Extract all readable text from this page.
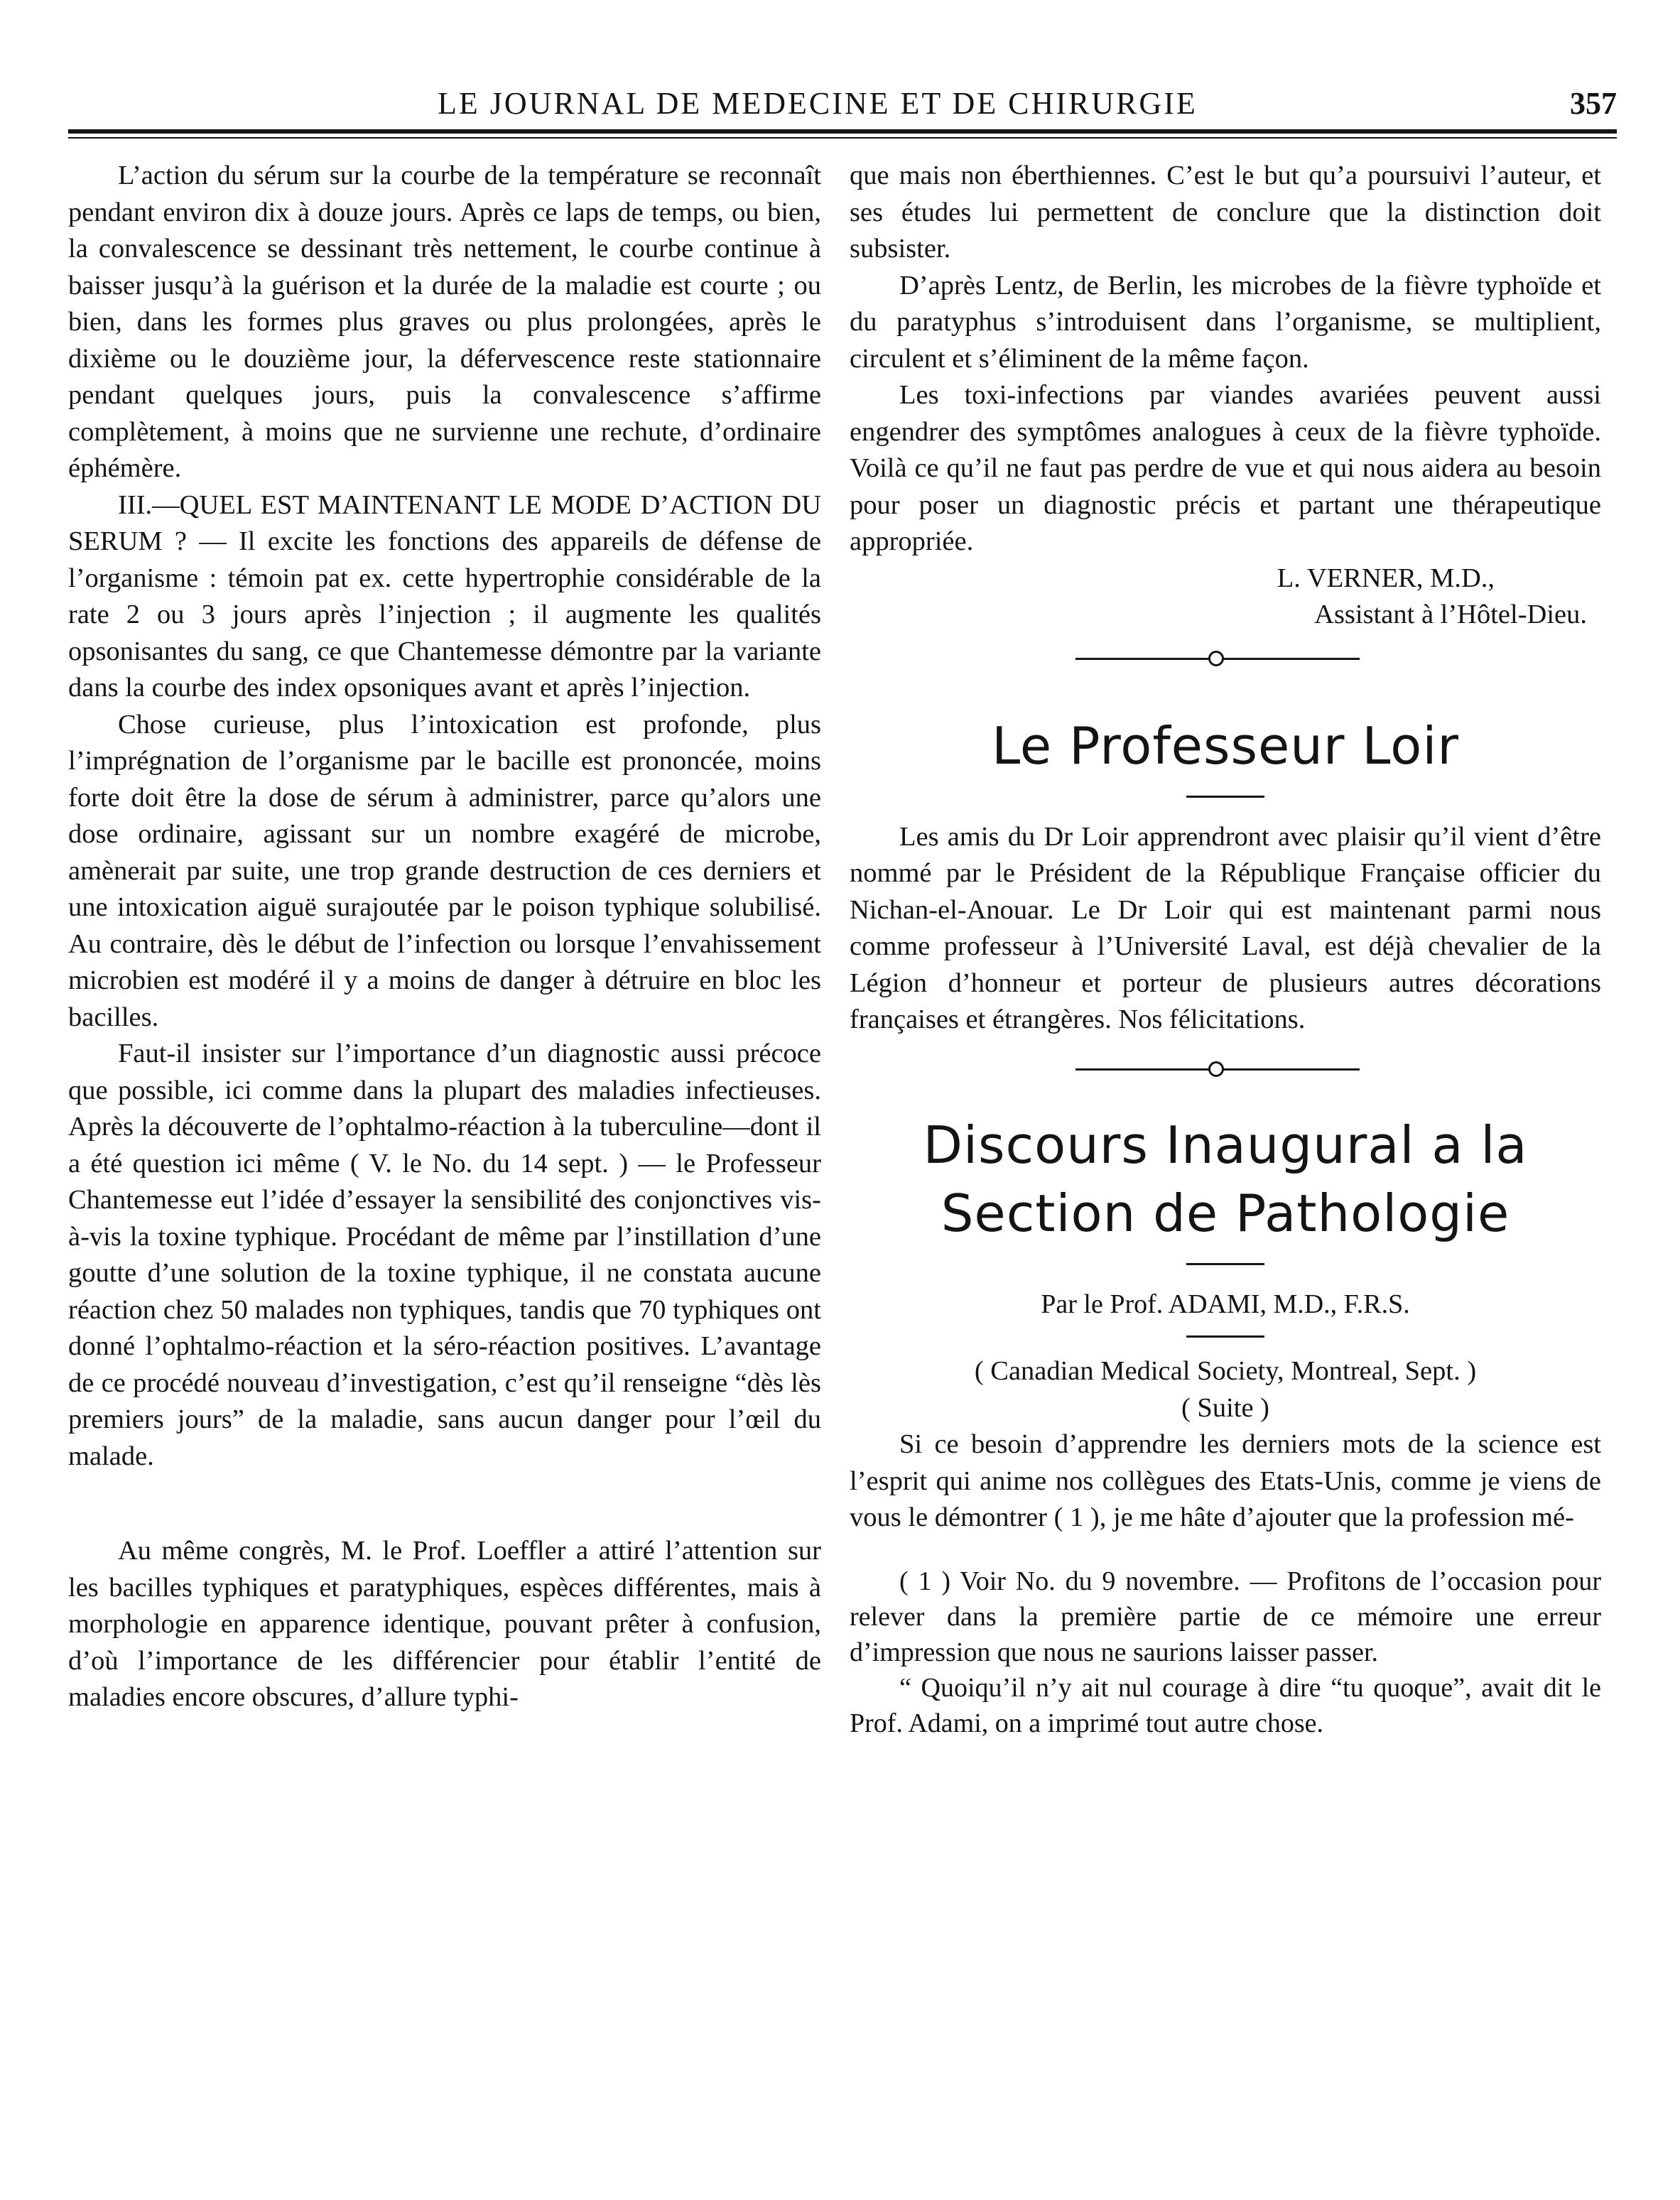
LE JOURNAL DE MEDECINE ET DE CHIRURGIE	357

L’action du sérum sur la courbe de la température se reconnaît pendant environ dix à douze jours. Après ce laps de temps, ou bien, la convalescence se dessinant très nettement, le courbe continue à baisser jusqu’à la guérison et la durée de la maladie est courte ; ou bien, dans les formes plus graves ou plus prolongées, après le dixième ou le douzième jour, la défervescence reste stationnaire pendant quelques jours, puis la convalescence s’affirme complètement, à moins que ne survienne une rechute, d’ordinaire éphémère.

III.—QUEL EST MAINTENANT LE MODE D’ACTION DU SERUM ? — Il excite les fonctions des appareils de défense de l’organisme : témoin pat ex. cette hypertrophie considérable de la rate 2 ou 3 jours après l’injection ; il augmente les qualités opsonisantes du sang, ce que Chantemesse démontre par la variante dans la courbe des index opsoniques avant et après l’injection.

Chose curieuse, plus l’intoxication est profonde, plus l’imprégnation de l’organisme par le bacille est prononcée, moins forte doit être la dose de sérum à administrer, parce qu’alors une dose ordinaire, agissant sur un nombre exagéré de microbe, amènerait par suite, une trop grande destruction de ces derniers et une intoxication aiguë surajoutée par le poison typhique solubilisé. Au contraire, dès le début de l’infection ou lorsque l’envahissement microbien est modéré il y a moins de danger à détruire en bloc les bacilles.

Faut-il insister sur l’importance d’un diagnostic aussi précoce que possible, ici comme dans la plupart des maladies infectieuses. Après la découverte de l’ophtalmo-réaction à la tuberculine—dont il a été question ici même ( V. le No. du 14 sept. ) — le Professeur Chantemesse eut l’idée d’essayer la sensibilité des conjonctives vis-à-vis la toxine typhique. Procédant de même par l’instillation d’une goutte d’une solution de la toxine typhique, il ne constata aucune réaction chez 50 malades non typhiques, tandis que 70 typhiques ont donné l’ophtalmo-réaction et la séro-réaction positives. L’avantage de ce procédé nouveau d’investigation, c’est qu’il renseigne “dès lès premiers jours” de la maladie, sans aucun danger pour l’œil du malade.

Au même congrès, M. le Prof. Loeffler a attiré l’attention sur les bacilles typhiques et paratyphiques, espèces différentes, mais à morphologie en apparence identique, pouvant prêter à confusion, d’où l’importance de les différencier pour établir l’entité de maladies encore obscures, d’allure typhi-

que mais non éberthiennes. C’est le but qu’a poursuivi l’auteur, et ses études lui permettent de conclure que la distinction doit subsister.

D’après Lentz, de Berlin, les microbes de la fièvre typhoïde et du paratyphus s’introduisent dans l’organisme, se multiplient, circulent et s’éliminent de la même façon.

Les toxi-infections par viandes avariées peuvent aussi engendrer des symptômes analogues à ceux de la fièvre typhoïde. Voilà ce qu’il ne faut pas perdre de vue et qui nous aidera au besoin pour poser un diagnostic précis et partant une thérapeutique appropriée.

L. VERNER, M.D.,

Assistant à l’Hôtel-Dieu.

Le Professeur Loir

Les amis du Dr Loir apprendront avec plaisir qu’il vient d’être nommé par le Président de la République Française officier du Nichan-el-Anouar. Le Dr Loir qui est maintenant parmi nous comme professeur à l’Université Laval, est déjà chevalier de la Légion d’honneur et porteur de plusieurs autres décorations françaises et étrangères. Nos félicitations.

Discours Inaugural a la Section de Pathologie

Par le Prof. ADAMI, M.D., F.R.S.

( Canadian Medical Society, Montreal, Sept. )

( Suite )

Si ce besoin d’apprendre les derniers mots de la science est l’esprit qui anime nos collègues des Etats-Unis, comme je viens de vous le démontrer ( 1 ), je me hâte d’ajouter que la profession mé-

( 1 ) Voir No. du 9 novembre. — Profitons de l’occasion pour relever dans la première partie de ce mémoire une erreur d’impression que nous ne saurions laisser passer.

“ Quoiqu’il n’y ait nul courage à dire “tu quoque”, avait dit le Prof. Adami, on a imprimé tout autre chose.
